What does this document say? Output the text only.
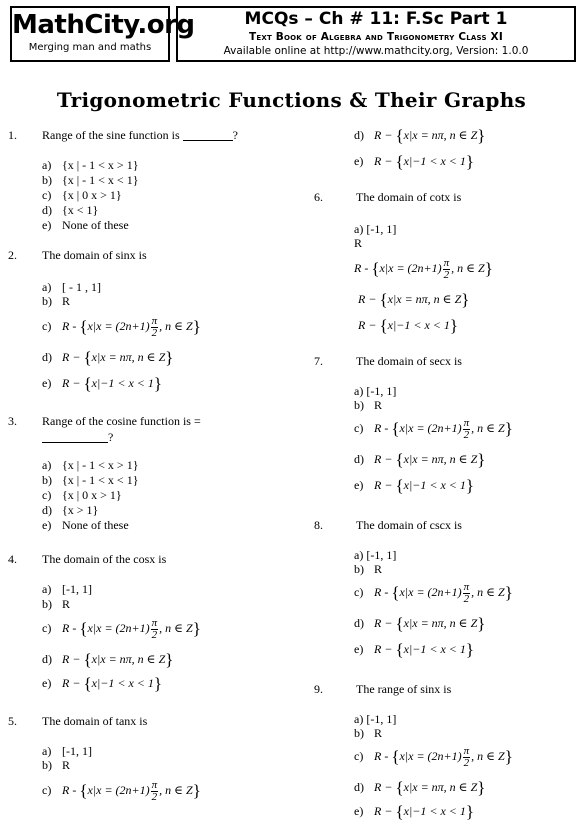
MathCity.org
Merging man and maths
MCQs – Ch # 11: F.Sc Part 1
Text Book of Algebra and Trigonometry Class XI
Available online at http://www.mathcity.org, Version: 1.0.0
Trigonometric Functions & Their Graphs
1. Range of the sine function is	?
a) {x | - 1 < x > 1}
b) {x | - 1 < x < 1}
c) {x | 0 x > 1}
d) {x < 1}
e) None of these
2. The domain of sinx is
a) [ - 1 , 1]
b) R
c) $R - \{x|x = (2n+1) \frac{\pi}{2}$ , n ∈ Z}
d) R − {x|x = nπ, n ∈ Z}
e) R − {x|−1 < x < 1}
3. Range of the cosine function is =
?
a) {x | - 1 < x > 1}
b) {x | - 1 < x < 1}
c) {x | 0 x > 1}
d) {x > 1}
e) None of these
4. The domain of the cosx is
a) [-1, 1]
b) R
c) $R - \{x|x = (2n+1) \frac{\pi}{2}$ , n ∈ Z}
d) R − {x|x = nπ, n ∈ Z}
e) R − {x|−1 < x < 1}
5. The domain of tanx is
a) [-1, 1]
b) R
c) $R - \{x|x = (2n+1) \frac{\pi}{2}$ , n ∈ Z}
d) R − {x|x = nπ, n ∈ Z}
e) R − {x|−1 < x < 1}
6.	The domain of cotx is
a) [-1, 1]
R
$R - \{x|x = (2n+1) \frac{\pi}{2}$ , n ∈ Z}
R − {x|x = nπ, n ∈ Z}
R − {x|−1 < x < 1}
7.	The domain of secx is
a) [-1, 1]
b) R
c) $R - \{x|x = (2n+1) \frac{\pi}{2}$ , n ∈ Z}
d) R − {x|x = nπ, n ∈ Z}
e) R − {x|−1 < x < 1}
8.	The domain of cscx is
a) [-1, 1]
b) R
c) $R - \{x|x = (2n+1) \frac{\pi}{2}$ , n ∈ Z}
d) R − {x|x = nπ, n ∈ Z}
e) R − {x|−1 < x < 1}
9.	The range of sinx is
a) [-1, 1]
b) R
c) $R - \{x|x = (2n+1) \frac{\pi}{2}$ , n ∈ Z}
d) R − {x|x = nπ, n ∈ Z}
e) R − {x|−1 < x < 1}
